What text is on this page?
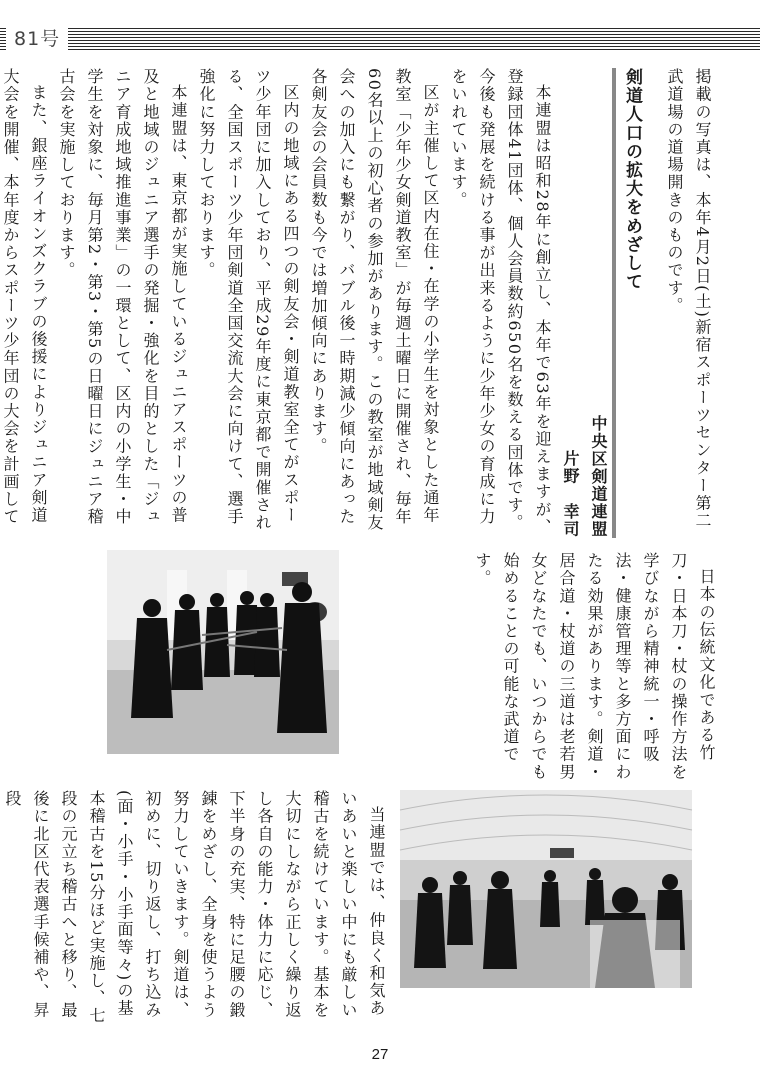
81号

掲載の写真は、本年4月2日(土)新宿スポーツセンター第二武道場の道場開きのものです。

剣道人口の拡大をめざして
中央区剣道連盟
片野　幸司

本連盟は昭和28年に創立し、本年で63年を迎えますが、登録団体41団体、個人会員数約650名を数える団体です。今後も発展を続ける事が出来るように少年少女の育成に力をいれています。

区が主催して区内在住・在学の小学生を対象とした通年教室「少年少女剣道教室」が毎週土曜日に開催され、毎年60名以上の初心者の参加があります。この教室が地域剣友会への加入にも繋がり、バブル後一時期減少傾向にあった各剣友会の会員数も今では増加傾向にあります。

区内の地域にある四つの剣友会・剣道教室全てがスポーツ少年団に加入しており、平成29年度に東京都で開催される、全国スポーツ少年団剣道全国交流大会に向けて、選手強化に努力しております。

本連盟は、東京都が実施しているジュニアスポーツの普及と地域のジュニア選手の発掘・強化を目的とした「ジュニア育成地域推進事業」の一環として、区内の小学生・中学生を対象に、毎月第2・第3・第5の日曜日にジュニア稽古会を実施しております。

また、銀座ライオンズクラブの後援によりジュニア剣道大会を開催、本年度からスポーツ少年団の大会を計画して

日本の伝統文化である竹刀・日本刀・杖の操作方法を学びながら精神統一・呼吸法・健康管理等と多方面にわたる効果があります。剣道・居合道・杖道の三道は老若男女どなたでも、いつからでも始めることの可能な武道です。

当連盟では、仲良く和気あいあいと楽しい中にも厳しい稽古を続けています。基本を大切にしながら正しく繰り返し各自の能力・体力に応じ、下半身の充実、特に足腰の鍛錬をめざし、全身を使うよう努力していきます。剣道は、初めに、切り返し、打ち込み(面・小手・小手面等々)の基本稽古を15分ほど実施し、七段の元立ち稽古へと移り、最後に北区代表選手候補や、昇段

27
